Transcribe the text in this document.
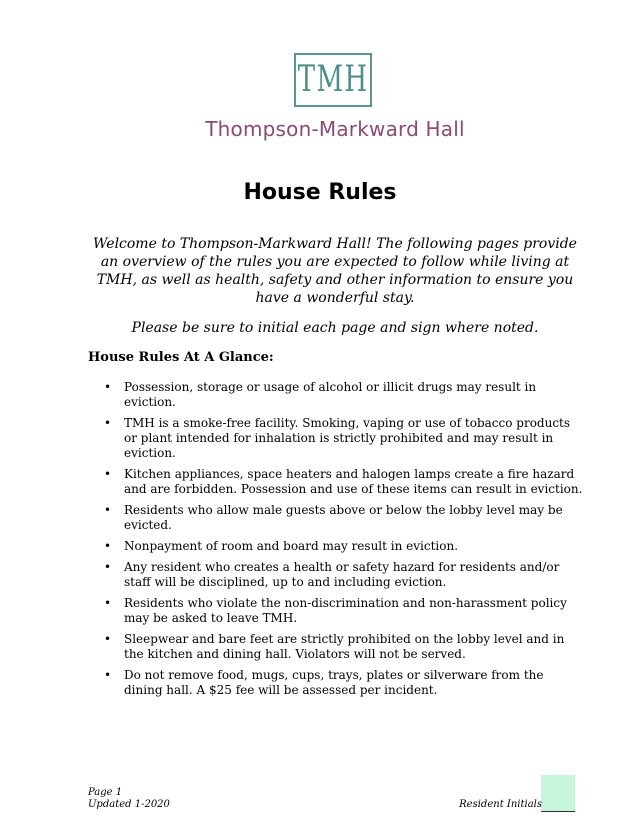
TMH
Thompson-Markward Hall
House Rules
Welcome to Thompson-Markward Hall! The following pages provide an overview of the rules you are expected to follow while living at TMH, as well as health, safety and other information to ensure you have a wonderful stay.
Please be sure to initial each page and sign where noted.
House Rules At A Glance:
• Possession, storage or usage of alcohol or illicit drugs may result in eviction.
• TMH is a smoke-free facility. Smoking, vaping or use of tobacco products or plant intended for inhalation is strictly prohibited and may result in eviction.
• Kitchen appliances, space heaters and halogen lamps create a fire hazard and are forbidden. Possession and use of these items can result in eviction.
• Residents who allow male guests above or below the lobby level may be evicted.
• Nonpayment of room and board may result in eviction.
• Any resident who creates a health or safety hazard for residents and/or staff will be disciplined, up to and including eviction.
• Residents who violate the non-discrimination and non-harassment policy may be asked to leave TMH.
• Sleepwear and bare feet are strictly prohibited on the lobby level and in the kitchen and dining hall. Violators will not be served.
• Do not remove food, mugs, cups, trays, plates or silverware from the dining hall. A $25 fee will be assessed per incident.
Page 1
Updated 1-2020	Resident Initials
